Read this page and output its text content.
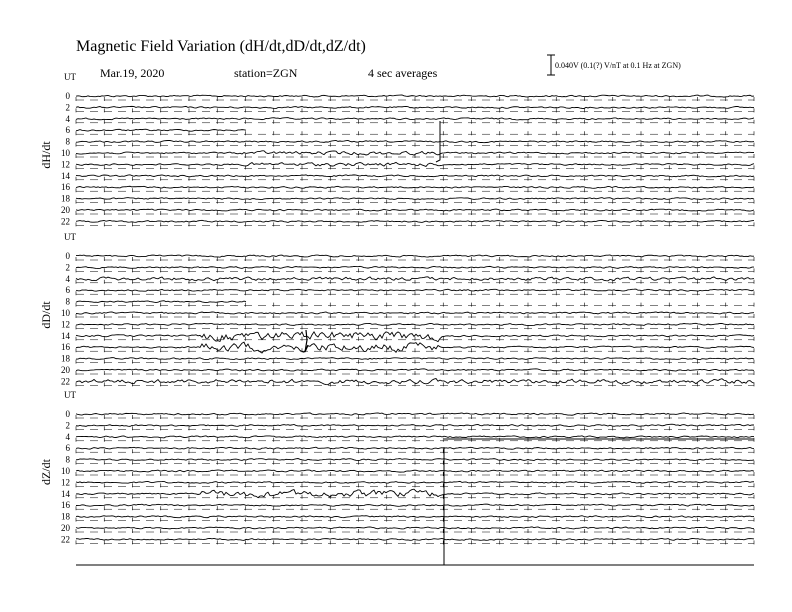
Magnetic Field Variation (dH/dt,dD/dt,dZ/dt)
Mar.19, 2020	station=ZGN	4 sec averages
0.040V (0.1(?) V/nT at 0.1 Hz at ZGN)
UT
dH/dt
0
2
4
6
8
10
12
14
16
18
20
22
UT
dD/dt
0
2
4
6
8
10
12
14
16
18
20
22
UT
dZ/dt
0
2
4
6
8
10
12
14
16
18
20
22
